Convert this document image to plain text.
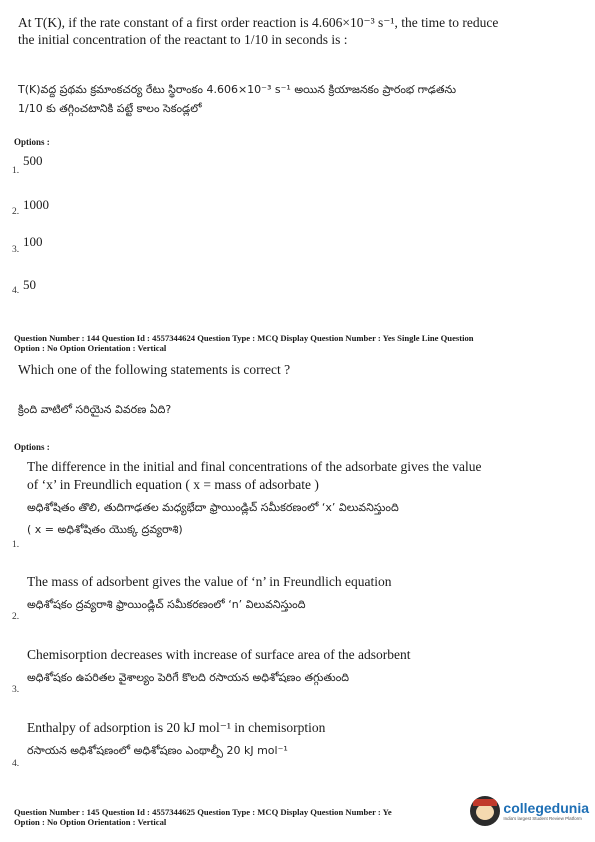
At T(K), if the rate constant of a first order reaction is 4.606×10⁻³ s⁻¹, the time to reduce
the initial concentration of the reactant to 1/10 in seconds is :
T(K)వద్ద ప్రథమ క్రమాంకచర్య రేటు స్థిరాంకం 4.606×10⁻³ s⁻¹ అయిన క్రియాజనకం ప్రారంభ గాఢతను
1/10 కు తగ్గించటానికి పట్టే కాలం సెకండ్లలో
Options :
1.
500
2. 1000
3.
100
4. 50
Question Number : 144 Question Id : 4557344624 Question Type : MCQ Display Question Number : Yes Single Line Question
Option : No Option Orientation : Vertical
Which one of the following statements is correct ?
క్రింది వాటిలో సరియైన వివరణ ఏది?
Options :
The difference in the initial and final concentrations of the adsorbate gives the value
of ‘x’ in Freundlich equation ( x = mass of adsorbate )
అధిశోషితం తొలి, తుదిగాఢతల మధ్యభేదా ఫ్రాయిండ్లిచ్ సమీకరణంలో ‘x’ విలువనిస్తుంది
( x = అధిశోషితం యొక్క ద్రవ్యరాశి)
1.
The mass of adsorbent gives the value of ‘n’ in Freundlich equation
అధిశోషకం ద్రవ్యరాశి ఫ్రాయిండ్లిచ్ సమీకరణంలో ‘n’ విలువనిస్తుంది
2.
Chemisorption decreases with increase of surface area of the adsorbent
అధిశోషకం ఉపరితల వైశాల్యం పెరిగే కొలది రసాయన అధిశోషణం తగ్గుతుంది
3.
Enthalpy of adsorption is 20 kJ mol⁻¹ in chemisorption
రసాయన అధిశోషణంలో అధిశోషణం ఎంథాల్పీ 20 kJ mol⁻¹
4.
Question Number : 145 Question Id : 4557344625 Question Type : MCQ Display Question Number : Ye
Option : No Option Orientation : Vertical
collegedunia
India's largest Student Review Platform
